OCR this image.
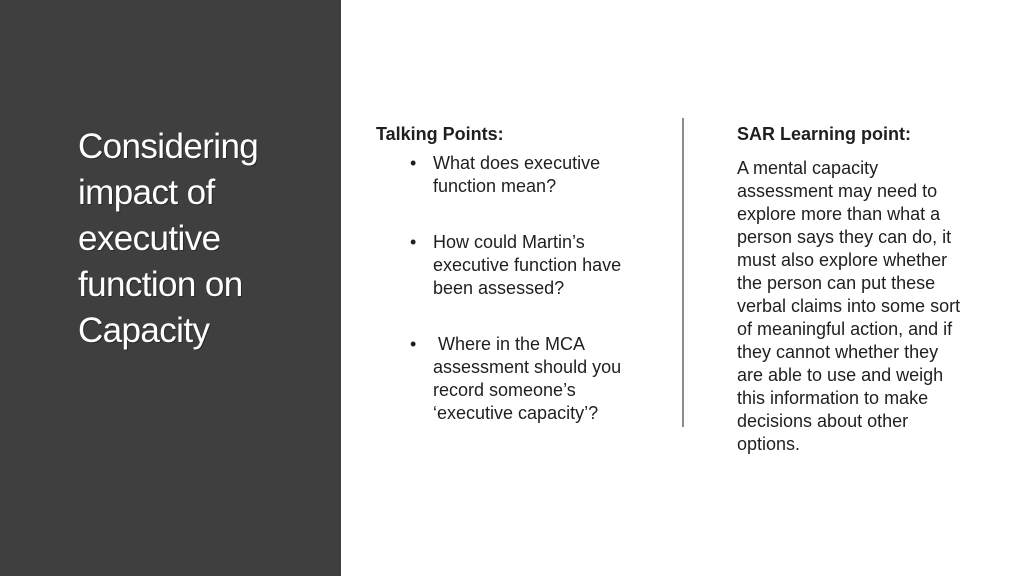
Considering
impact of
executive
function on
Capacity
Talking Points:
• What does executive
function mean?
• How could Martin’s
executive function have
been assessed?
• Where in the MCA
assessment should you
record someone’s
‘executive capacity’?
SAR Learning point:
A mental capacity
assessment may need to
explore more than what a
person says they can do, it
must also explore whether
the person can put these
verbal claims into some sort
of meaningful action, and if
they cannot whether they
are able to use and weigh
this information to make
decisions about other
options.
